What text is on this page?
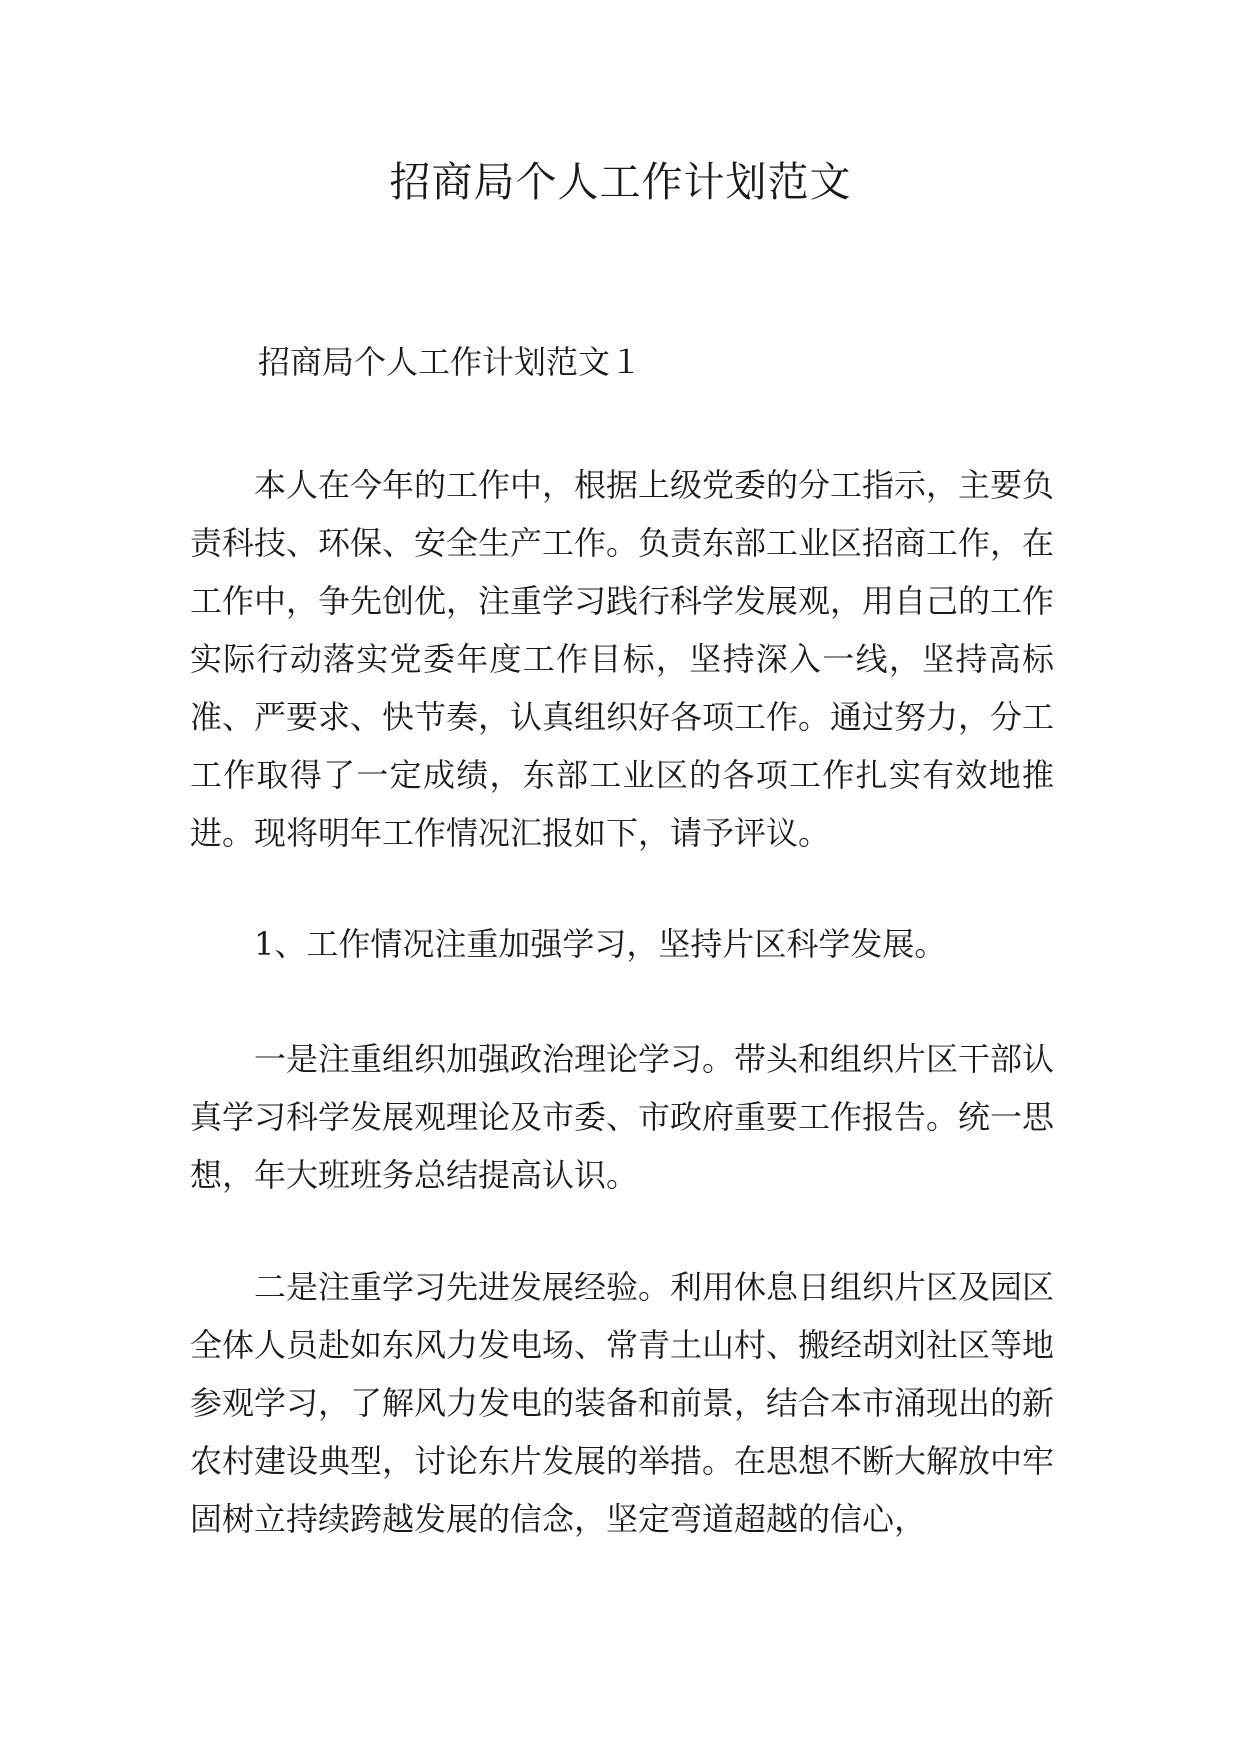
招商局个人工作计划范文

招商局个人工作计划范文１

本人在今年的工作中，根据上级党委的分工指示，主要负责科技、环保、安全生产工作。负责东部工业区招商工作，在工作中，争先创优，注重学习践行科学发展观，用自己的工作实际行动落实党委年度工作目标，坚持深入一线，坚持高标准、严要求、快节奏，认真组织好各项工作。通过努力，分工工作取得了一定成绩，东部工业区的各项工作扎实有效地推进。现将明年工作情况汇报如下，请予评议。

1、工作情况注重加强学习，坚持片区科学发展。

一是注重组织加强政治理论学习。带头和组织片区干部认真学习科学发展观理论及市委、市政府重要工作报告。统一思想，年大班班务总结提高认识。

二是注重学习先进发展经验。利用休息日组织片区及园区全体人员赴如东风力发电场、常青土山村、搬经胡刘社区等地参观学习，了解风力发电的装备和前景，结合本市涌现出的新农村建设典型，讨论东片发展的举措。在思想不断大解放中牢固树立持续跨越发展的信念，坚定弯道超越的信心，
